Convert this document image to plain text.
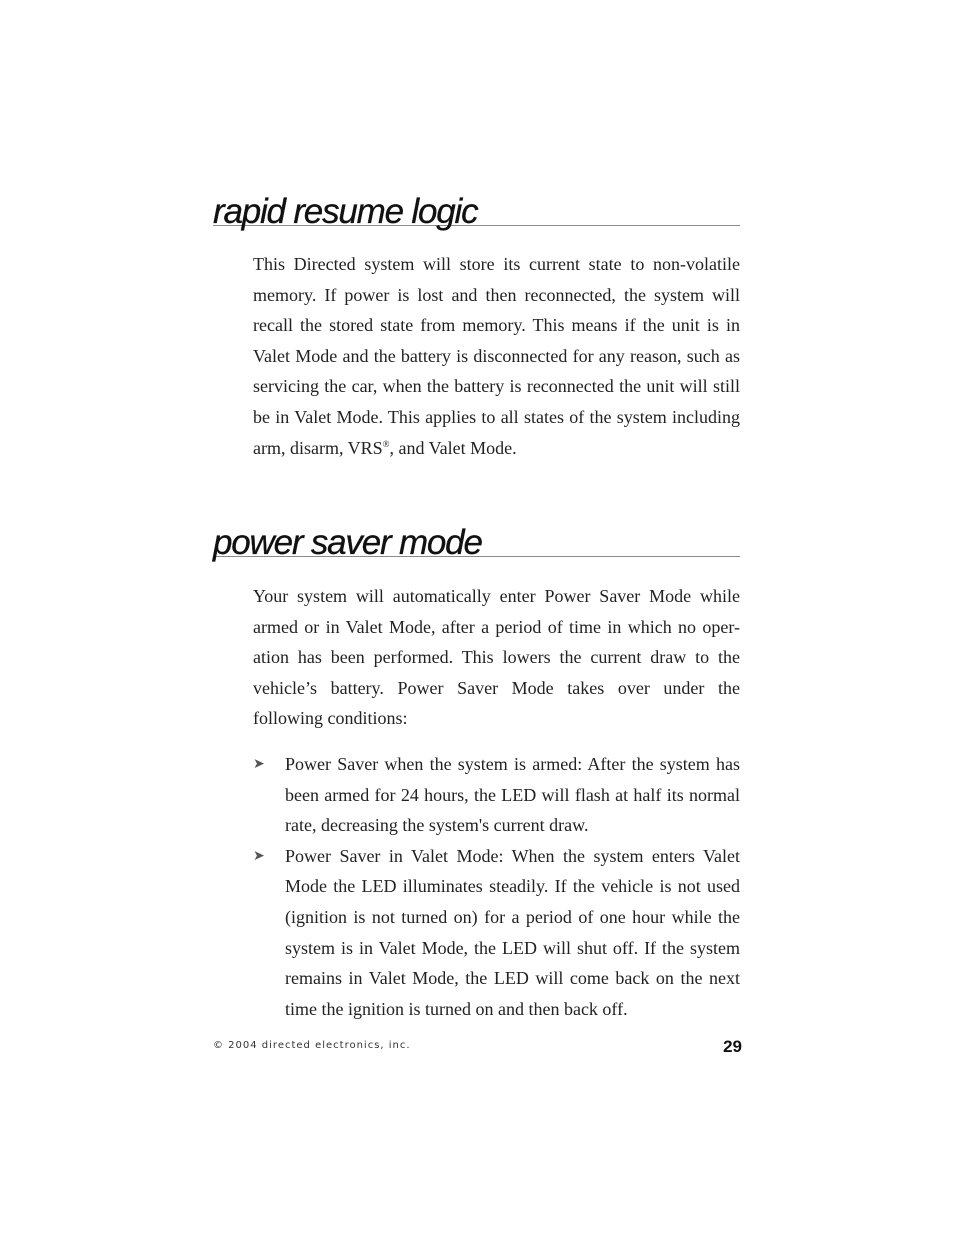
rapid resume logic

This Directed system will store its current state to non-volatile memory. If power is lost and then reconnected, the system will recall the stored state from memory. This means if the unit is in Valet Mode and the battery is disconnected for any reason, such as servicing the car, when the battery is reconnected the unit will still be in Valet Mode. This applies to all states of the system including arm, disarm, VRS®, and Valet Mode.

power saver mode

Your system will automatically enter Power Saver Mode while armed or in Valet Mode, after a period of time in which no oper-ation has been performed. This lowers the current draw to the vehicle’s battery. Power Saver Mode takes over under the following conditions:

➤ Power Saver when the system is armed: After the system has been armed for 24 hours, the LED will flash at half its normal rate, decreasing the system's current draw.
➤ Power Saver in Valet Mode: When the system enters Valet Mode the LED illuminates steadily. If the vehicle is not used (ignition is not turned on) for a period of one hour while the system is in Valet Mode, the LED will shut off. If the system remains in Valet Mode, the LED will come back on the next time the ignition is turned on and then back off.
© 2004 directed electronics, inc.	29
